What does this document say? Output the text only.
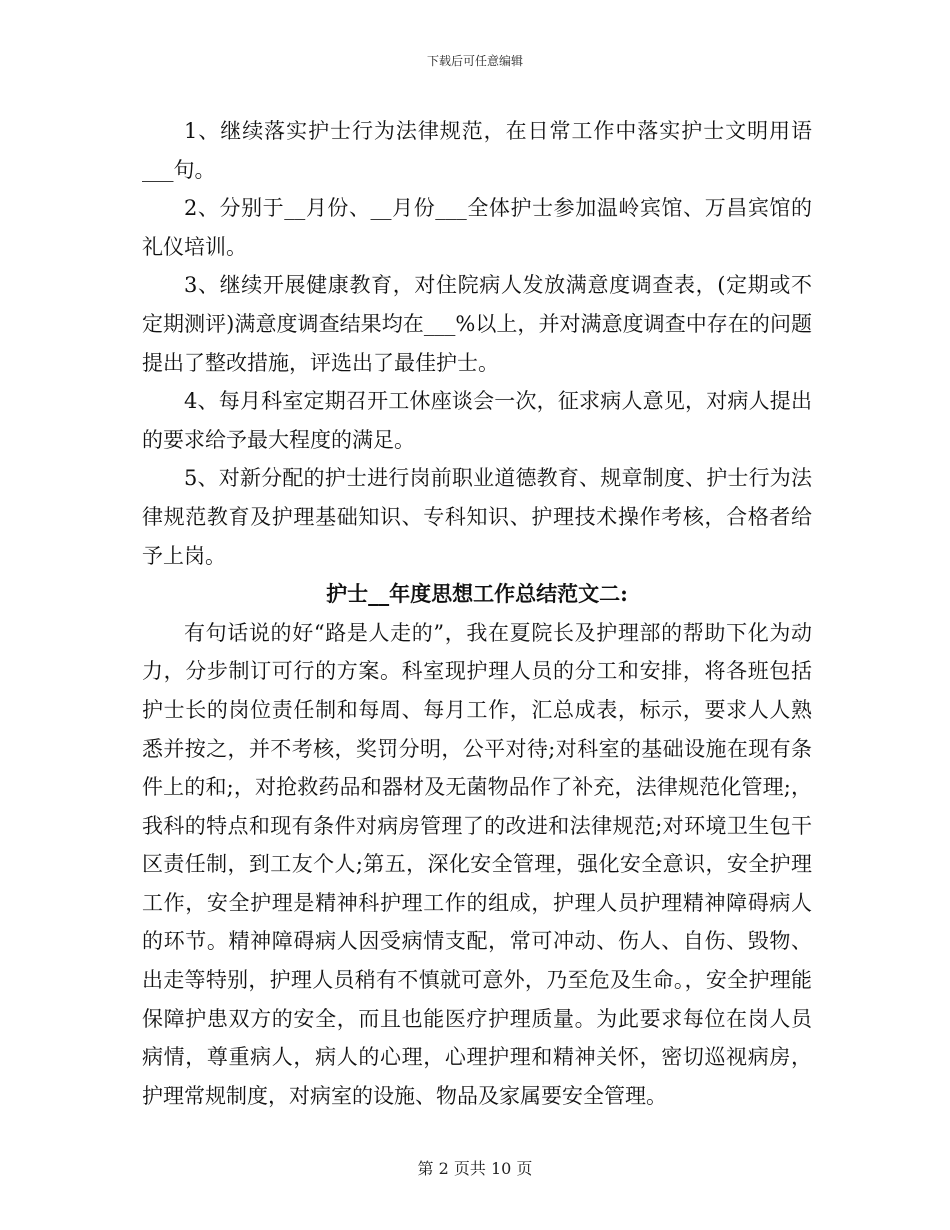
下载后可任意编辑

1、继续落实护士行为法律规范，在日常工作中落实护士文明用语___句。

2、分别于__月份、__月份___全体护士参加温岭宾馆、万昌宾馆的礼仪培训。

3、继续开展健康教育，对住院病人发放满意度调查表，(定期或不定期测评)满意度调查结果均在___%以上，并对满意度调查中存在的问题提出了整改措施，评选出了最佳护士。

4、每月科室定期召开工休座谈会一次，征求病人意见，对病人提出的要求给予最大程度的满足。

5、对新分配的护士进行岗前职业道德教育、规章制度、护士行为法律规范教育及护理基础知识、专科知识、护理技术操作考核，合格者给予上岗。

护士__年度思想工作总结范文二:

有句话说的好“路是人走的”，我在夏院长及护理部的帮助下化为动力，分步制订可行的方案。科室现护理人员的分工和安排，将各班包括护士长的岗位责任制和每周、每月工作，汇总成表，标示，要求人人熟悉并按之，并不考核，奖罚分明，公平对待;对科室的基础设施在现有条件上的和;，对抢救药品和器材及无菌物品作了补充，法律规范化管理;，我科的特点和现有条件对病房管理了的改进和法律规范;对环境卫生包干区责任制，到工友个人;第五，深化安全管理，强化安全意识，安全护理工作，安全护理是精神科护理工作的组成，护理人员护理精神障碍病人的环节。精神障碍病人因受病情支配，常可冲动、伤人、自伤、毁物、出走等特别，护理人员稍有不慎就可意外，乃至危及生命。，安全护理能保障护患双方的安全，而且也能医疗护理质量。为此要求每位在岗人员病情，尊重病人，病人的心理，心理护理和精神关怀，密切巡视病房，护理常规制度，对病室的设施、物品及家属要安全管理。

第 2 页共 10 页
